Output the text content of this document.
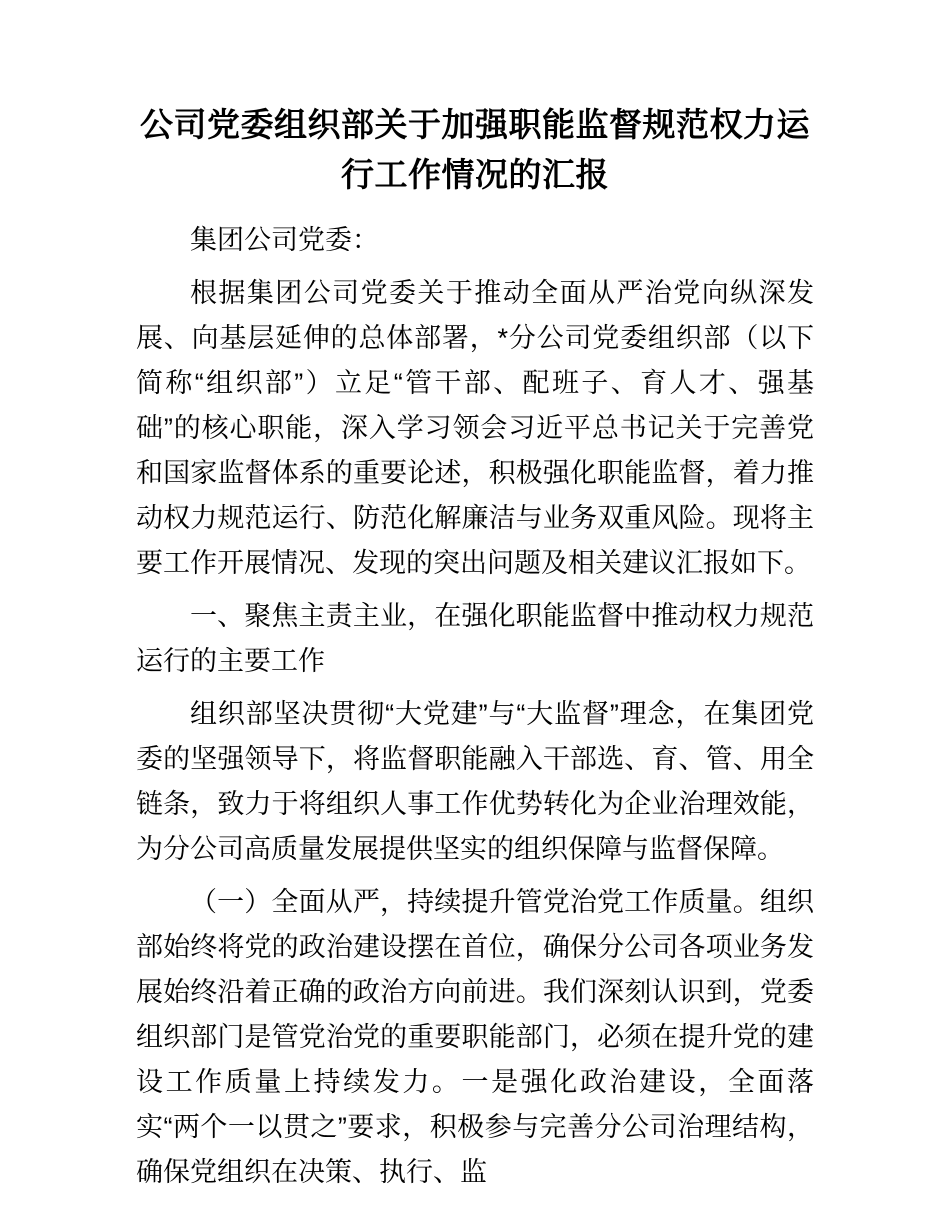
公司党委组织部关于加强职能监督规范权力运行工作情况的汇报

集团公司党委：

根据集团公司党委关于推动全面从严治党向纵深发展、向基层延伸的总体部署，*分公司党委组织部（以下简称“组织部”）立足“管干部、配班子、育人才、强基础”的核心职能，深入学习领会习近平总书记关于完善党和国家监督体系的重要论述，积极强化职能监督，着力推动权力规范运行、防范化解廉洁与业务双重风险。现将主要工作开展情况、发现的突出问题及相关建议汇报如下。

一、聚焦主责主业，在强化职能监督中推动权力规范运行的主要工作

组织部坚决贯彻“大党建”与“大监督”理念，在集团党委的坚强领导下，将监督职能融入干部选、育、管、用全链条，致力于将组织人事工作优势转化为企业治理效能，为分公司高质量发展提供坚实的组织保障与监督保障。

（一）全面从严，持续提升管党治党工作质量。组织部始终将党的政治建设摆在首位，确保分公司各项业务发展始终沿着正确的政治方向前进。我们深刻认识到，党委组织部门是管党治党的重要职能部门，必须在提升党的建设工作质量上持续发力。一是强化政治建设，全面落实“两个一以贯之”要求，积极参与完善分公司治理结构，确保党组织在决策、执行、监
